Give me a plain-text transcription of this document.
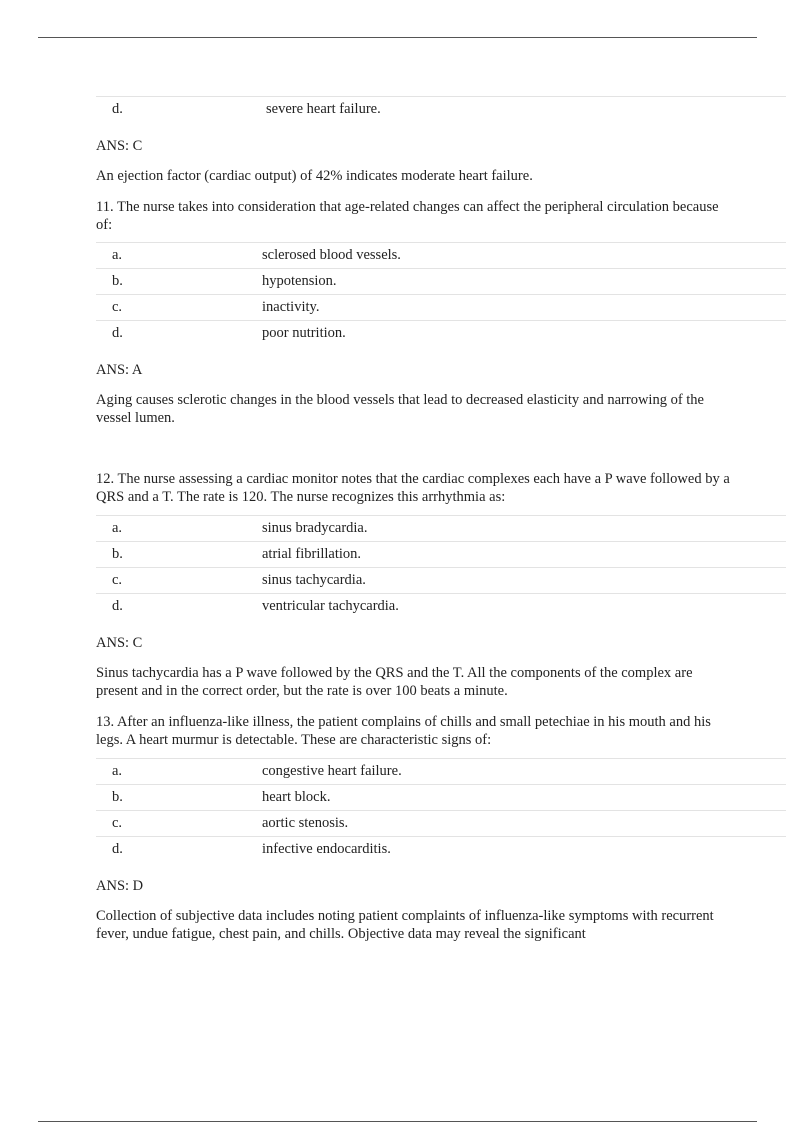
d.	severe heart failure.

ANS: C

An ejection factor (cardiac output) of 42% indicates moderate heart failure.

11. The nurse takes into consideration that age-related changes can affect the peripheral circulation because of:

a.	sclerosed blood vessels.
b.	hypotension.
c.	inactivity.
d.	poor nutrition.

ANS: A

Aging causes sclerotic changes in the blood vessels that lead to decreased elasticity and narrowing of the vessel lumen.

12. The nurse assessing a cardiac monitor notes that the cardiac complexes each have a P wave followed by a QRS and a T. The rate is 120. The nurse recognizes this arrhythmia as:

a.	sinus bradycardia.
b.	atrial fibrillation.
c.	sinus tachycardia.
d.	ventricular tachycardia.

ANS: C

Sinus tachycardia has a P wave followed by the QRS and the T. All the components of the complex are present and in the correct order, but the rate is over 100 beats a minute.

13. After an influenza-like illness, the patient complains of chills and small petechiae in his mouth and his legs. A heart murmur is detectable. These are characteristic signs of:

a.	congestive heart failure.
b.	heart block.
c.	aortic stenosis.
d.	infective endocarditis.

ANS: D

Collection of subjective data includes noting patient complaints of influenza-like symptoms with recurrent fever, undue fatigue, chest pain, and chills. Objective data may reveal the significant
